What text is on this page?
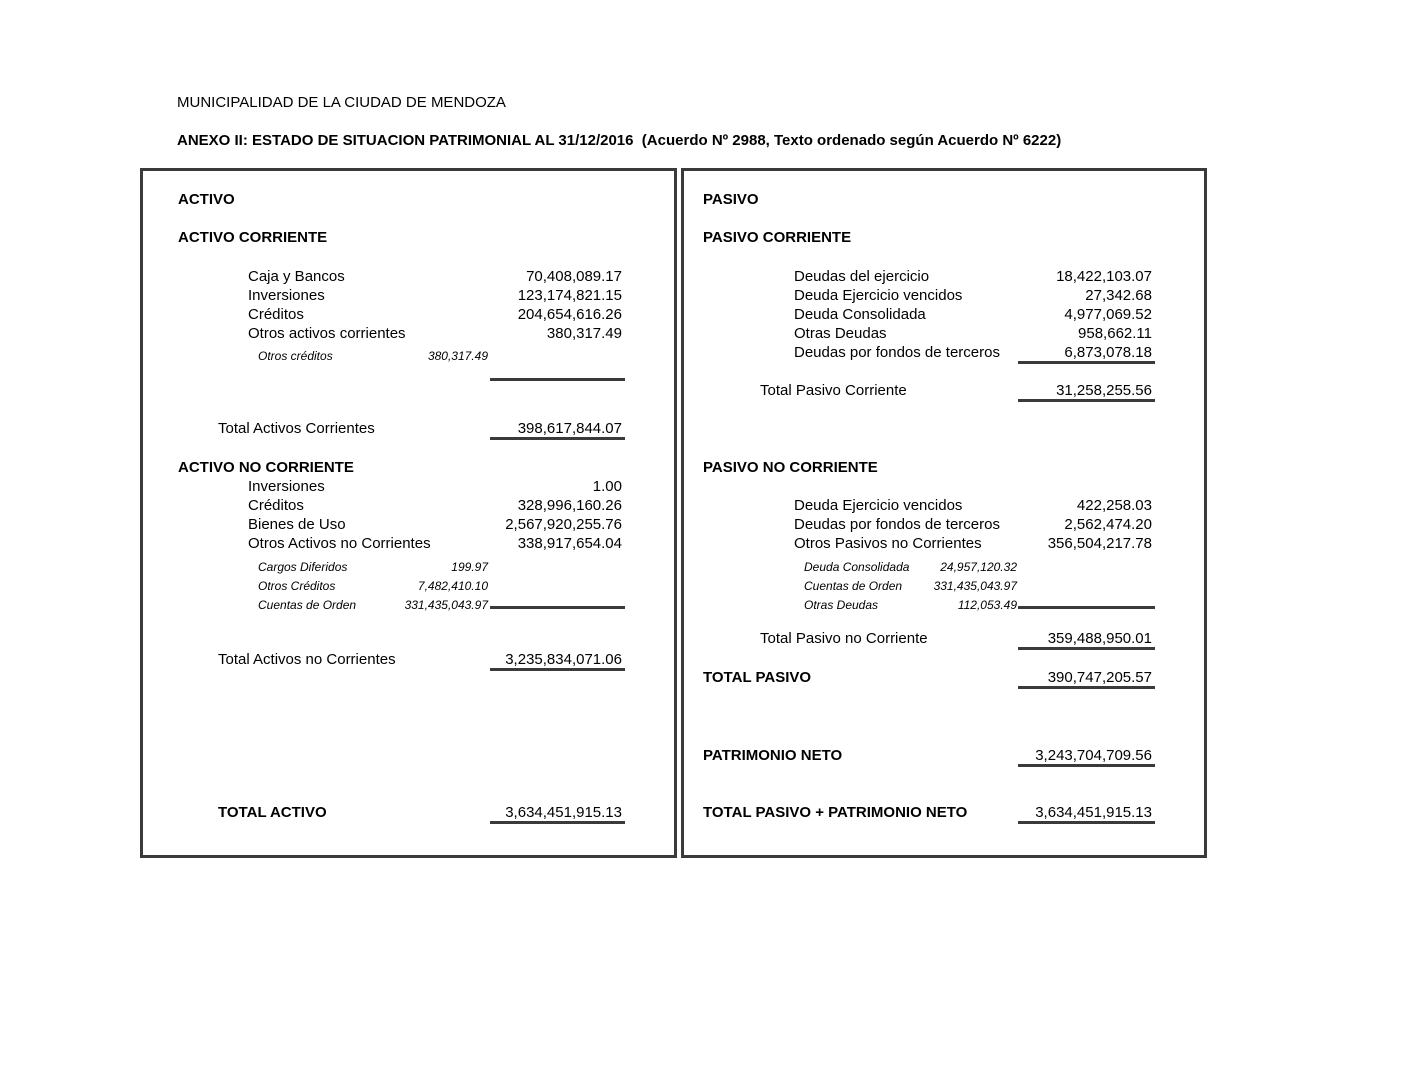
MUNICIPALIDAD DE LA CIUDAD DE MENDOZA
ANEXO II: ESTADO DE SITUACION PATRIMONIAL AL 31/12/2016  (Acuerdo Nº 2988, Texto ordenado según Acuerdo Nº 6222)
ACTIVO
ACTIVO CORRIENTE
Caja y Bancos	70,408,089.17
Inversiones	123,174,821.15
Créditos	204,654,616.26
Otros activos corrientes	380,317.49
Otros créditos	380,317.49
Total Activos Corrientes	398,617,844.07
ACTIVO NO CORRIENTE
Inversiones	1.00
Créditos	328,996,160.26
Bienes de Uso	2,567,920,255.76
Otros Activos no Corrientes	338,917,654.04
Cargos Diferidos	199.97
Otros Créditos	7,482,410.10
Cuentas de Orden	331,435,043.97
Total Activos no Corrientes	3,235,834,071.06
TOTAL ACTIVO	3,634,451,915.13
PASIVO
PASIVO CORRIENTE
Deudas del ejercicio	18,422,103.07
Deuda Ejercicio vencidos	27,342.68
Deuda Consolidada	4,977,069.52
Otras Deudas	958,662.11
Deudas por fondos de terceros	6,873,078.18
Total Pasivo Corriente	31,258,255.56
PASIVO NO CORRIENTE
Deuda Ejercicio vencidos	422,258.03
Deudas por fondos de terceros	2,562,474.20
Otros Pasivos no Corrientes	356,504,217.78
Deuda Consolidada	24,957,120.32
Cuentas de Orden	331,435,043.97
Otras Deudas	112,053.49
Total Pasivo no Corriente	359,488,950.01
TOTAL PASIVO	390,747,205.57
PATRIMONIO NETO	3,243,704,709.56
TOTAL PASIVO + PATRIMONIO NETO	3,634,451,915.13
